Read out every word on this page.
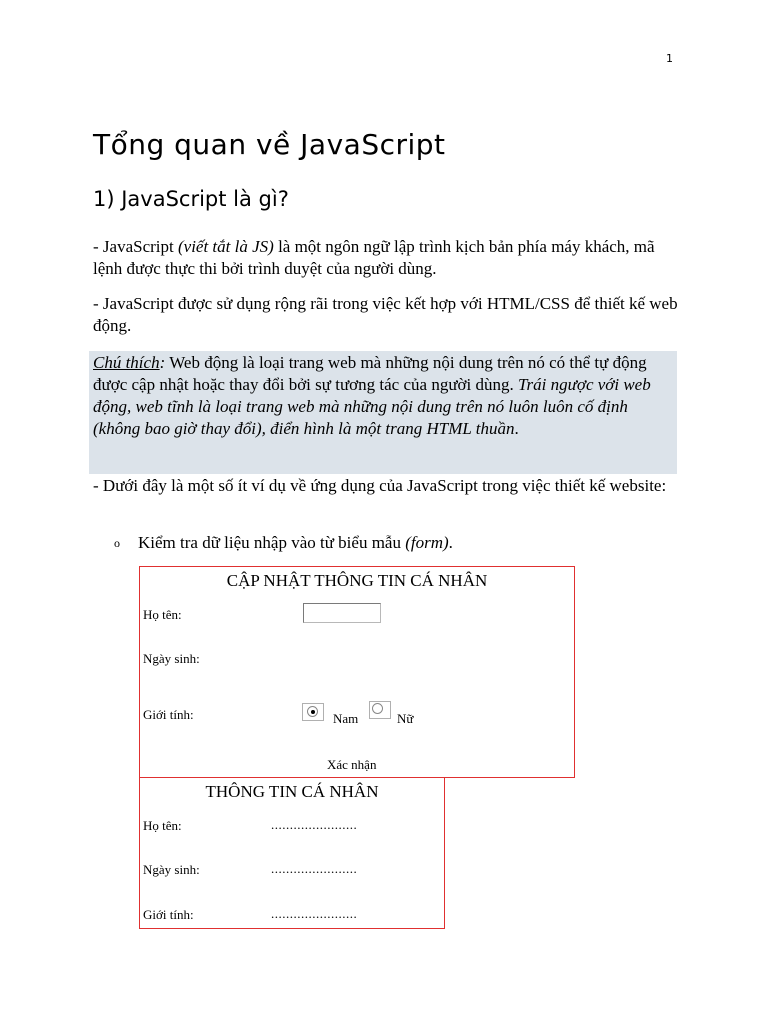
1
Tổng quan về JavaScript
1) JavaScript là gì?
- JavaScript (viết tắt là JS) là một ngôn ngữ lập trình kịch bản phía máy khách, mã lệnh được thực thi bởi trình duyệt của người dùng.
- JavaScript được sử dụng rộng rãi trong việc kết hợp với HTML/CSS để thiết kế web động.
Chú thích: Web động là loại trang web mà những nội dung trên nó có thể tự động được cập nhật hoặc thay đổi bởi sự tương tác của người dùng. Trái ngược với web động, web tĩnh là loại trang web mà những nội dung trên nó luôn luôn cố định (không bao giờ thay đổi), điển hình là một trang HTML thuần.
- Dưới đây là một số ít ví dụ về ứng dụng của JavaScript trong việc thiết kế website:
o Kiểm tra dữ liệu nhập vào từ biểu mẫu (form).
CẬP NHẬT THÔNG TIN CÁ NHÂN
Họ tên:
Ngày sinh:
Giới tính:	Nam	Nữ
Xác nhận
THÔNG TIN CÁ NHÂN
Họ tên:	.......................
Ngày sinh:	.......................
Giới tính:	.......................
